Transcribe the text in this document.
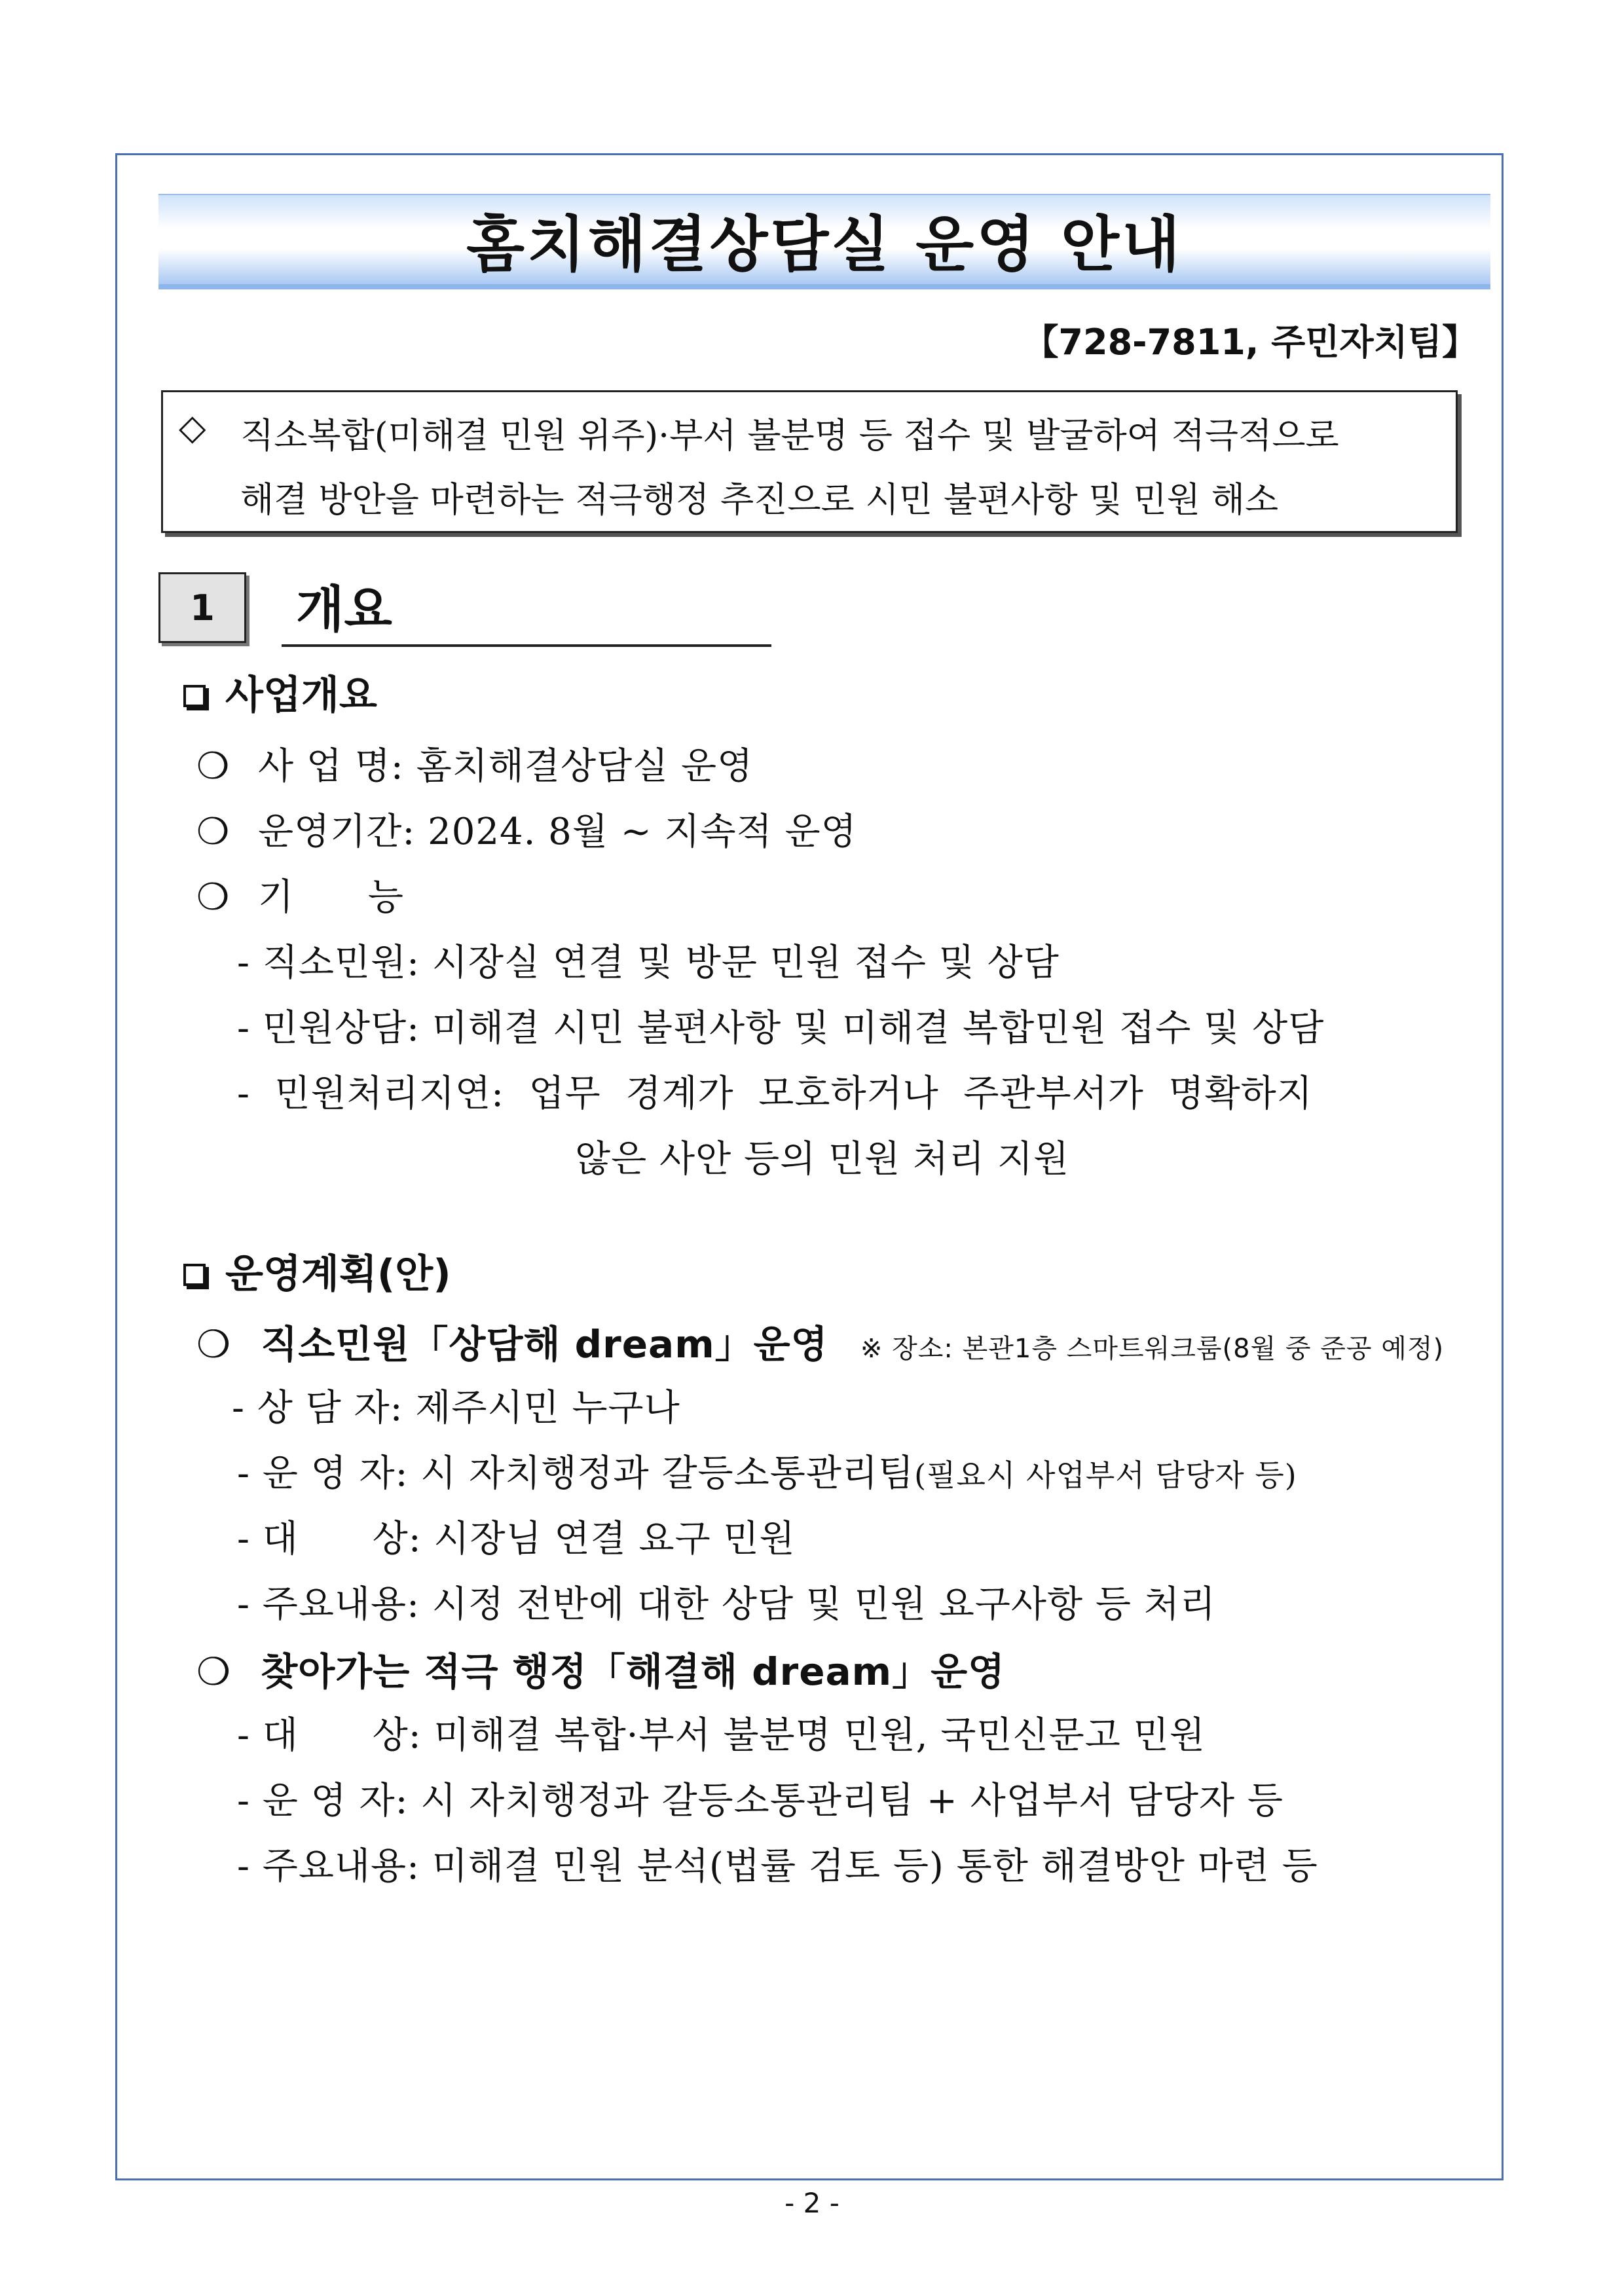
홈치해결상담실 운영 안내
【728-7811, 주민자치팀】
◇ 직소복합(미해결 민원 위주)·부서 불분명 등 접수 및 발굴하여 적극적으로
해결 방안을 마련하는 적극행정 추진으로 시민 불편사항 및 민원 해소
1	개요
사업개요
❍ 사 업 명: 홈치해결상담실 운영
❍ 운영기간: 2024. 8월 ~ 지속적 운영
❍ 기      능
- 직소민원: 시장실 연결 및 방문 민원 접수 및 상담
- 민원상담: 미해결 시민 불편사항 및 미해결 복합민원 접수 및 상담
-  민원처리지연:  업무  경계가  모호하거나  주관부서가  명확하지
않은 사안 등의 민원 처리 지원
운영계획(안)
❍ 직소민원「상담해 dream」운영 ※ 장소: 본관1층 스마트워크룸(8월 중 준공 예정)
- 상 담 자: 제주시민 누구나
- 운 영 자: 시 자치행정과 갈등소통관리팀(필요시 사업부서 담당자 등)
- 대      상: 시장님 연결 요구 민원
- 주요내용: 시정 전반에 대한 상담 및 민원 요구사항 등 처리
❍ 찾아가는 적극 행정「해결해 dream」운영
- 대      상: 미해결 복합·부서 불분명 민원, 국민신문고 민원
- 운 영 자: 시 자치행정과 갈등소통관리팀 + 사업부서 담당자 등
- 주요내용: 미해결 민원 분석(법률 검토 등) 통한 해결방안 마련 등
- 2 -
